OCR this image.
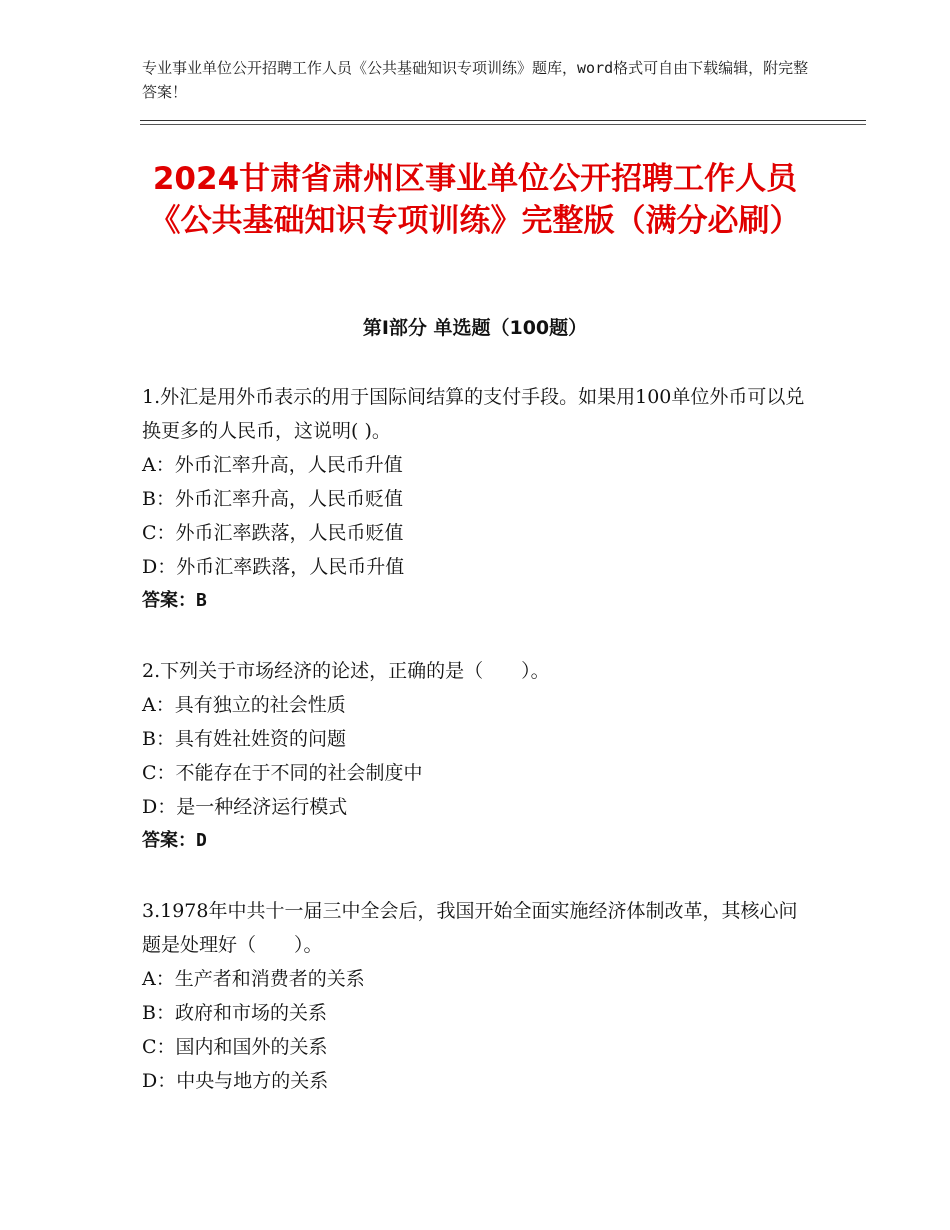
专业事业单位公开招聘工作人员《公共基础知识专项训练》题库，word格式可自由下载编辑，附完整答案！
2024甘肃省肃州区事业单位公开招聘工作人员《公共基础知识专项训练》完整版（满分必刷）
第Ⅰ部分 单选题（100题）

1.外汇是用外币表示的用于国际间结算的支付手段。如果用100单位外币可以兑换更多的人民币，这说明( )。

A：外币汇率升高，人民币升值

B：外币汇率升高，人民币贬值

C：外币汇率跌落，人民币贬值

D：外币汇率跌落，人民币升值

答案：B

2.下列关于市场经济的论述，正确的是（　　）。

A：具有独立的社会性质

B：具有姓社姓资的问题

C：不能存在于不同的社会制度中

D：是一种经济运行模式

答案：D

3.1978年中共十一届三中全会后，我国开始全面实施经济体制改革，其核心问题是处理好（　　）。

A：生产者和消费者的关系

B：政府和市场的关系

C：国内和国外的关系

D：中央与地方的关系
